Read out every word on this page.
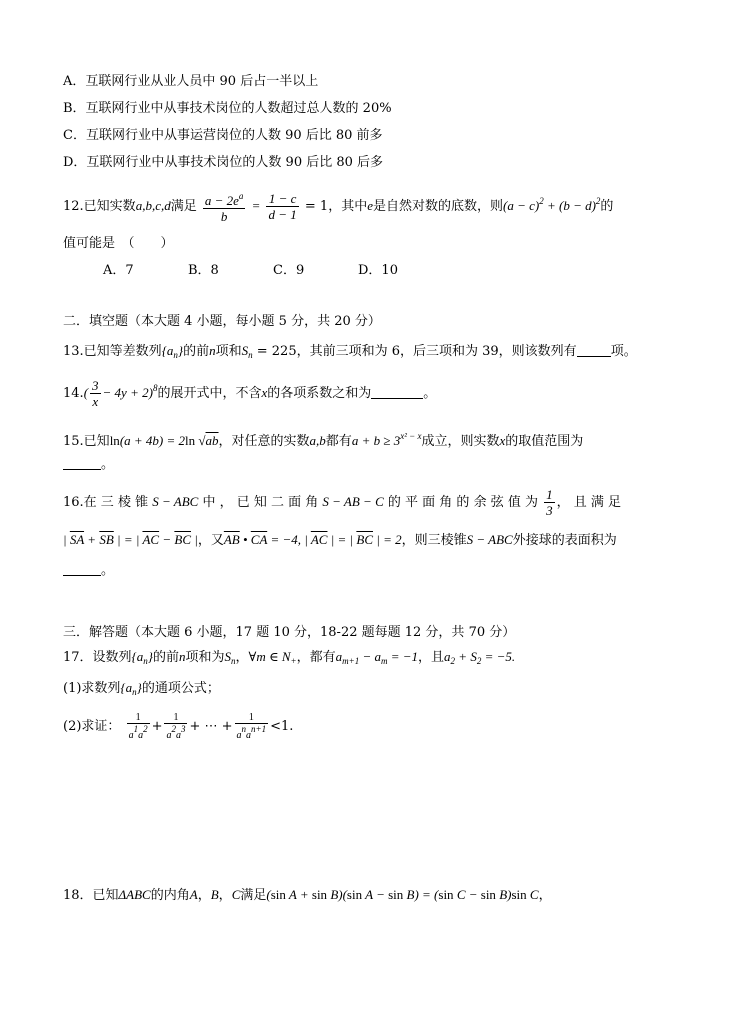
A．互联网行业从业人员中 90 后占一半以上
B．互联网行业中从事技术岗位的人数超过总人数的 20%
C．互联网行业中从事运营岗位的人数 90 后比 80 前多
D．互联网行业中从事技术岗位的人数 90 后比 80 后多
12.已知实数a,b,c,d满足 $\frac{a - 2e^a}{b} = \frac{1 - c}{d - 1} = 1$，其中e是自然对数的底数，则$(a - c)^2 + (b - d)^2$的
值可能是　（　　）
A．7	B．8	C．9	D．10
二．填空题（本大题 4 小题，每小题 5 分，共 20 分）
13.已知等差数列$\{a_n\}$的前n项和$S_n = 225$，其前三项和为 6，后三项和为 39，则该数列有	项。
$14.( \frac{3}{x} - 4y + 2)^8$的展开式中，不含x的各项系数之和为	。
15.已知ln(a + 4b) = 2ln √ab，对任意的实数a,b都有$a + b \ge 3^{x^2 - x}$成立，则实数x的取值范围为
。
16.在 三 棱 锥 S − ABC 中 ， 已 知 二 面 角 S − AB − C 的 平 面 角 的 余 弦 值 为 $\frac{1}{3}$ ， 且 满 足
| $\overline{SA} + \overline{SB}$ | = | $\overline{AC} - \overline{BC}$ |，又$\overline{AB}$ • $\overline{CA} = -4$, | $\overline{AC}$ | = | $\overline{BC}$ | = 2，则三棱锥S − ABC外接球的表面积为
。
三．解答题（本大题 6 小题，17 题 10 分，18-22 题每题 12 分，共 70 分）
17．设数列$\{a_n\}$的前n项和为$S_n$，∀m ∈ $N_+$，都有$a_{m+1} - a_m = -1$，且$a_2 + S_2 = -5$.
(1)求数列$\{a_n\}$的通项公式；
(2)求证： $\frac{1}{a1a2} + \frac{1}{a2a3}$ + ⋯ + $\frac{1}{\text{anan+1}} <1$.
18．已知ΔABC的内角A，B，C满足(sin A + sin B)(sin A − sin B) = (sin C − sin B)sin C，
